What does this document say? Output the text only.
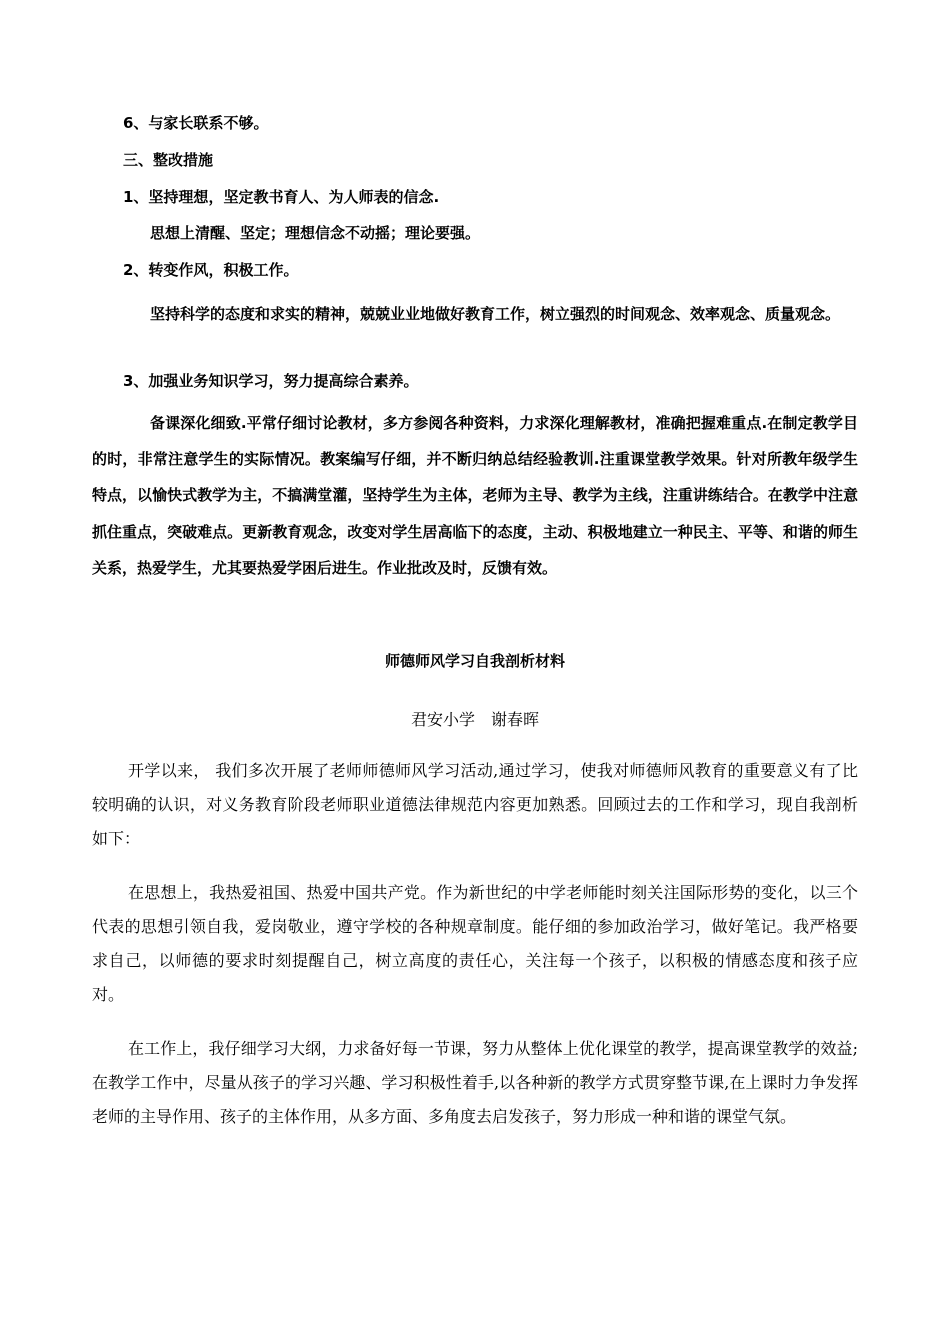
6、与家长联系不够。

三、整改措施

1、坚持理想，坚定教书育人、为人师表的信念.

思想上清醒、坚定；理想信念不动摇；理论要强。

2、转变作风，积极工作。

坚持科学的态度和求实的精神，兢兢业业地做好教育工作，树立强烈的时间观念、效率观念、质量观念。

3、加强业务知识学习，努力提高综合素养。

备课深化细致.平常仔细讨论教材，多方参阅各种资料，力求深化理解教材，准确把握难重点.在制定教学目的时，非常注意学生的实际情况。教案编写仔细，并不断归纳总结经验教训.注重课堂教学效果。针对所教年级学生特点，以愉快式教学为主，不搞满堂灌，坚持学生为主体，老师为主导、教学为主线，注重讲练结合。在教学中注意抓住重点，突破难点。更新教育观念，改变对学生居高临下的态度，主动、积极地建立一种民主、平等、和谐的师生关系，热爱学生，尤其要热爱学困后进生。作业批改及时，反馈有效。

师德师风学习自我剖析材料

君安小学　谢春晖

开学以来， 我们多次开展了老师师德师风学习活动,通过学习，使我对师德师风教育的重要意义有了比较明确的认识，对义务教育阶段老师职业道德法律规范内容更加熟悉。回顾过去的工作和学习，现自我剖析如下：

在思想上，我热爱祖国、热爱中国共产党。作为新世纪的中学老师能时刻关注国际形势的变化，以三个代表的思想引领自我，爱岗敬业，遵守学校的各种规章制度。能仔细的参加政治学习，做好笔记。我严格要求自己，以师德的要求时刻提醒自己，树立高度的责任心，关注每一个孩子，以积极的情感态度和孩子应对。

在工作上，我仔细学习大纲，力求备好每一节课，努力从整体上优化课堂的教学，提高课堂教学的效益;在教学工作中，尽量从孩子的学习兴趣、学习积极性着手,以各种新的教学方式贯穿整节课,在上课时力争发挥老师的主导作用、孩子的主体作用，从多方面、多角度去启发孩子，努力形成一种和谐的课堂气氛。
